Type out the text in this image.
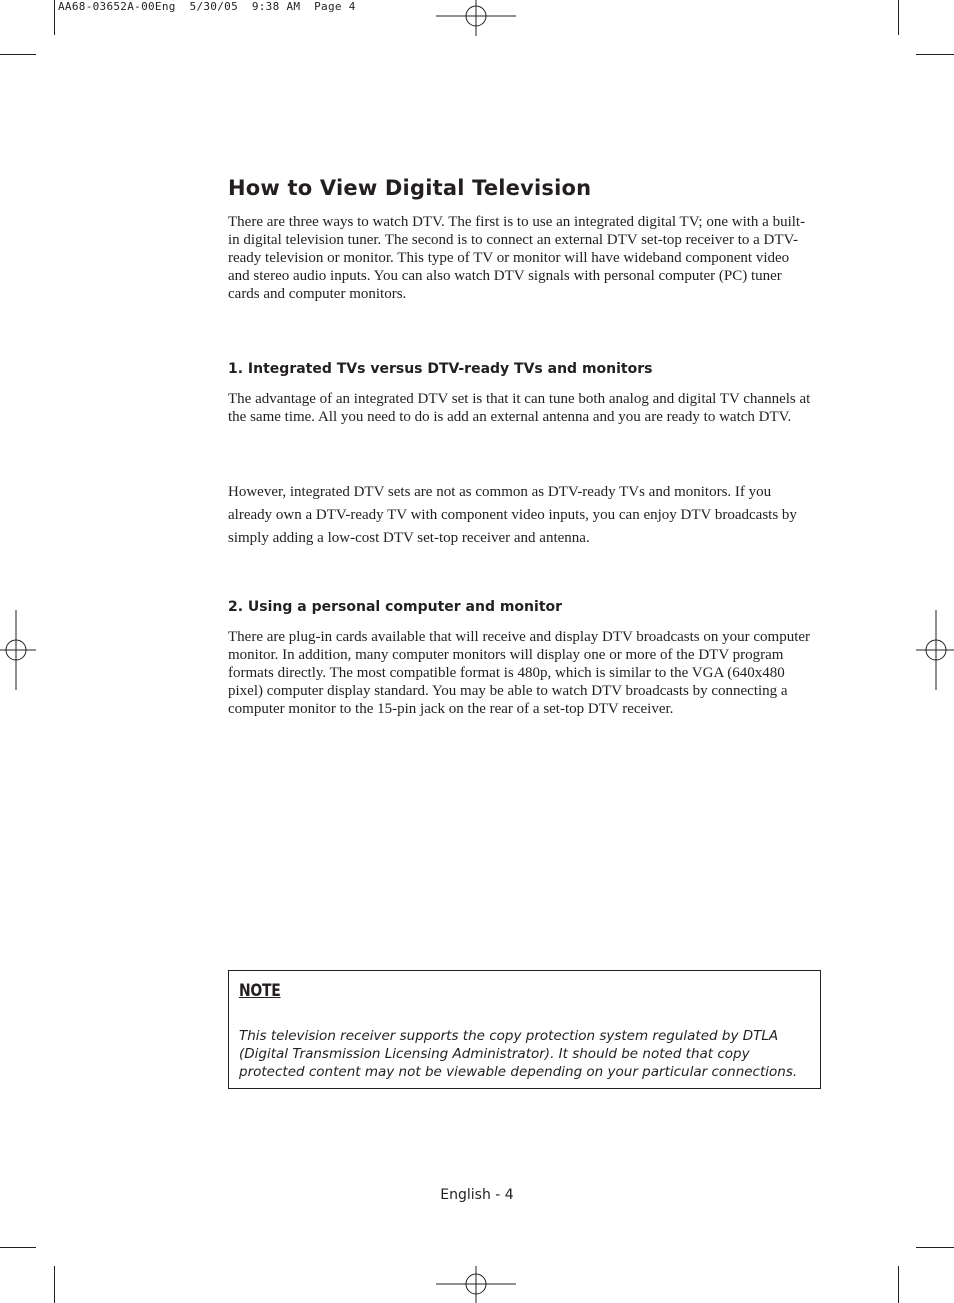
AA68-03652A-00Eng  5/30/05  9:38 AM  Page 4
How to View Digital Television

There are three ways to watch DTV. The first is to use an integrated digital TV; one with a built-in digital television tuner. The second is to connect an external DTV set-top receiver to a DTV-ready television or monitor. This type of TV or monitor will have wideband component video and stereo audio inputs. You can also watch DTV signals with personal computer (PC) tuner cards and computer monitors.

1. Integrated TVs versus DTV-ready TVs and monitors

The advantage of an integrated DTV set is that it can tune both analog and digital TV channels at the same time. All you need to do is add an external antenna and you are ready to watch DTV.

However, integrated DTV sets are not as common as DTV-ready TVs and monitors. If you already own a DTV-ready TV with component video inputs, you can enjoy DTV broadcasts by simply adding a low-cost DTV set-top receiver and antenna.

2. Using a personal computer and monitor

There are plug-in cards available that will receive and display DTV broadcasts on your computer monitor. In addition, many computer monitors will display one or more of the DTV program formats directly. The most compatible format is 480p, which is similar to the VGA (640x480 pixel) computer display standard. You may be able to watch DTV broadcasts by connecting a computer monitor to the 15-pin jack on the rear of a set-top DTV receiver.

NOTE

This television receiver supports the copy protection system regulated by DTLA (Digital Transmission Licensing Administrator). It should be noted that copy protected content may not be viewable depending on your particular connections.

English - 4
